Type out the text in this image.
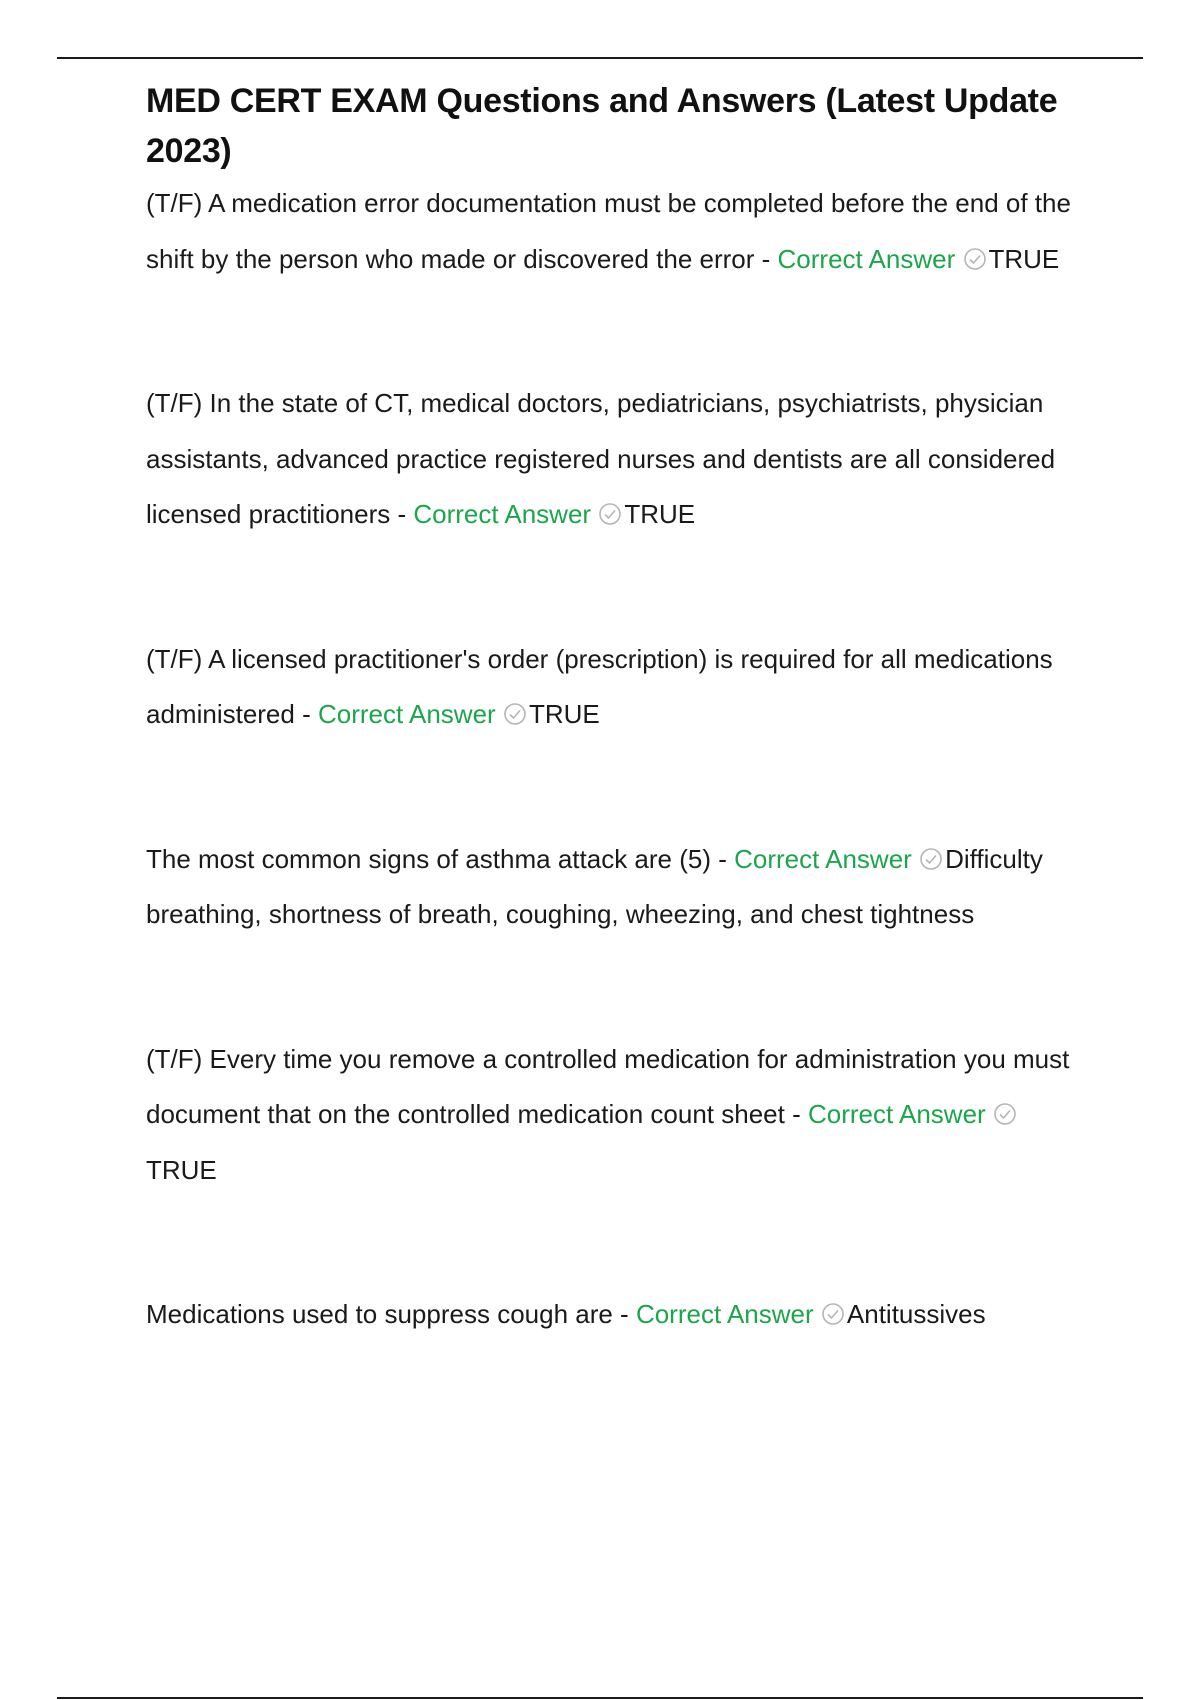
MED CERT EXAM Questions and Answers (Latest Update 2023)

(T/F) A medication error documentation must be completed before the end of the shift by the person who made or discovered the error - Correct Answer TRUE

(T/F) In the state of CT, medical doctors, pediatricians, psychiatrists, physician assistants, advanced practice registered nurses and dentists are all considered licensed practitioners - Correct Answer TRUE

(T/F) A licensed practitioner's order (prescription) is required for all medications administered - Correct Answer TRUE

The most common signs of asthma attack are (5) - Correct Answer Difficulty breathing, shortness of breath, coughing, wheezing, and chest tightness

(T/F) Every time you remove a controlled medication for administration you must document that on the controlled medication count sheet - Correct Answer TRUE

Medications used to suppress cough are - Correct Answer Antitussives
